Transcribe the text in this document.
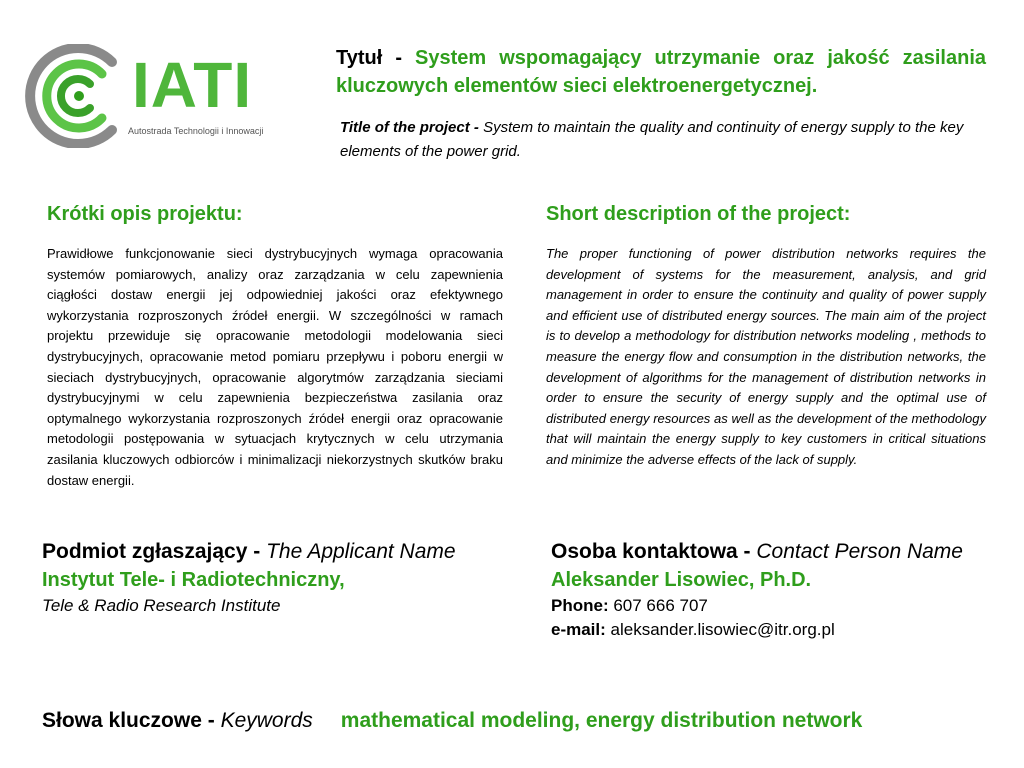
IATI
Autostrada Technologii i Innowacji
Tytuł - System wspomagający utrzymanie oraz jakość zasilania kluczowych elementów sieci elektroenergetycznej.
Title of the project - System to maintain the quality and continuity of energy supply to the key elements of the power grid.
Krótki opis projektu:
Prawidłowe funkcjonowanie sieci dystrybucyjnych wymaga opracowania systemów pomiarowych, analizy oraz zarządzania w celu zapewnienia ciągłości dostaw energii jej odpowiedniej jakości oraz efektywnego wykorzystania rozproszonych źródeł energii. W szczególności w ramach projektu przewiduje się opracowanie metodologii modelowania sieci dystrybucyjnych, opracowanie metod pomiaru przepływu i poboru energii w sieciach dystrybucyjnych, opracowanie algorytmów zarządzania sieciami dystrybucyjnymi w celu zapewnienia bezpieczeństwa zasilania oraz optymalnego wykorzystania rozproszonych źródeł energii oraz opracowanie metodologii postępowania w sytuacjach krytycznych w celu utrzymania zasilania kluczowych odbiorców i minimalizacji niekorzystnych skutków braku dostaw energii.
Short description of the project:
The proper functioning of power distribution networks requires the development of systems for the measurement, analysis, and grid management in order to ensure the continuity and quality of power supply and efficient use of distributed energy sources. The main aim of the project is to develop a methodology for distribution networks modeling , methods to measure the energy flow and consumption in the distribution networks, the development of algorithms for the management of distribution networks in order to ensure the security of energy supply and the optimal use of distributed energy resources as well as the development of the methodology that will maintain the energy supply to key customers in critical situations and minimize the adverse effects of the lack of supply.
Podmiot zgłaszający - The Applicant Name
Instytut Tele- i Radiotechniczny,
Tele & Radio Research Institute
Osoba kontaktowa - Contact Person Name
Aleksander Lisowiec, Ph.D.
Phone: 607 666 707
e-mail: aleksander.lisowiec@itr.org.pl
Słowa kluczowe - Keywords mathematical modeling, energy distribution network
